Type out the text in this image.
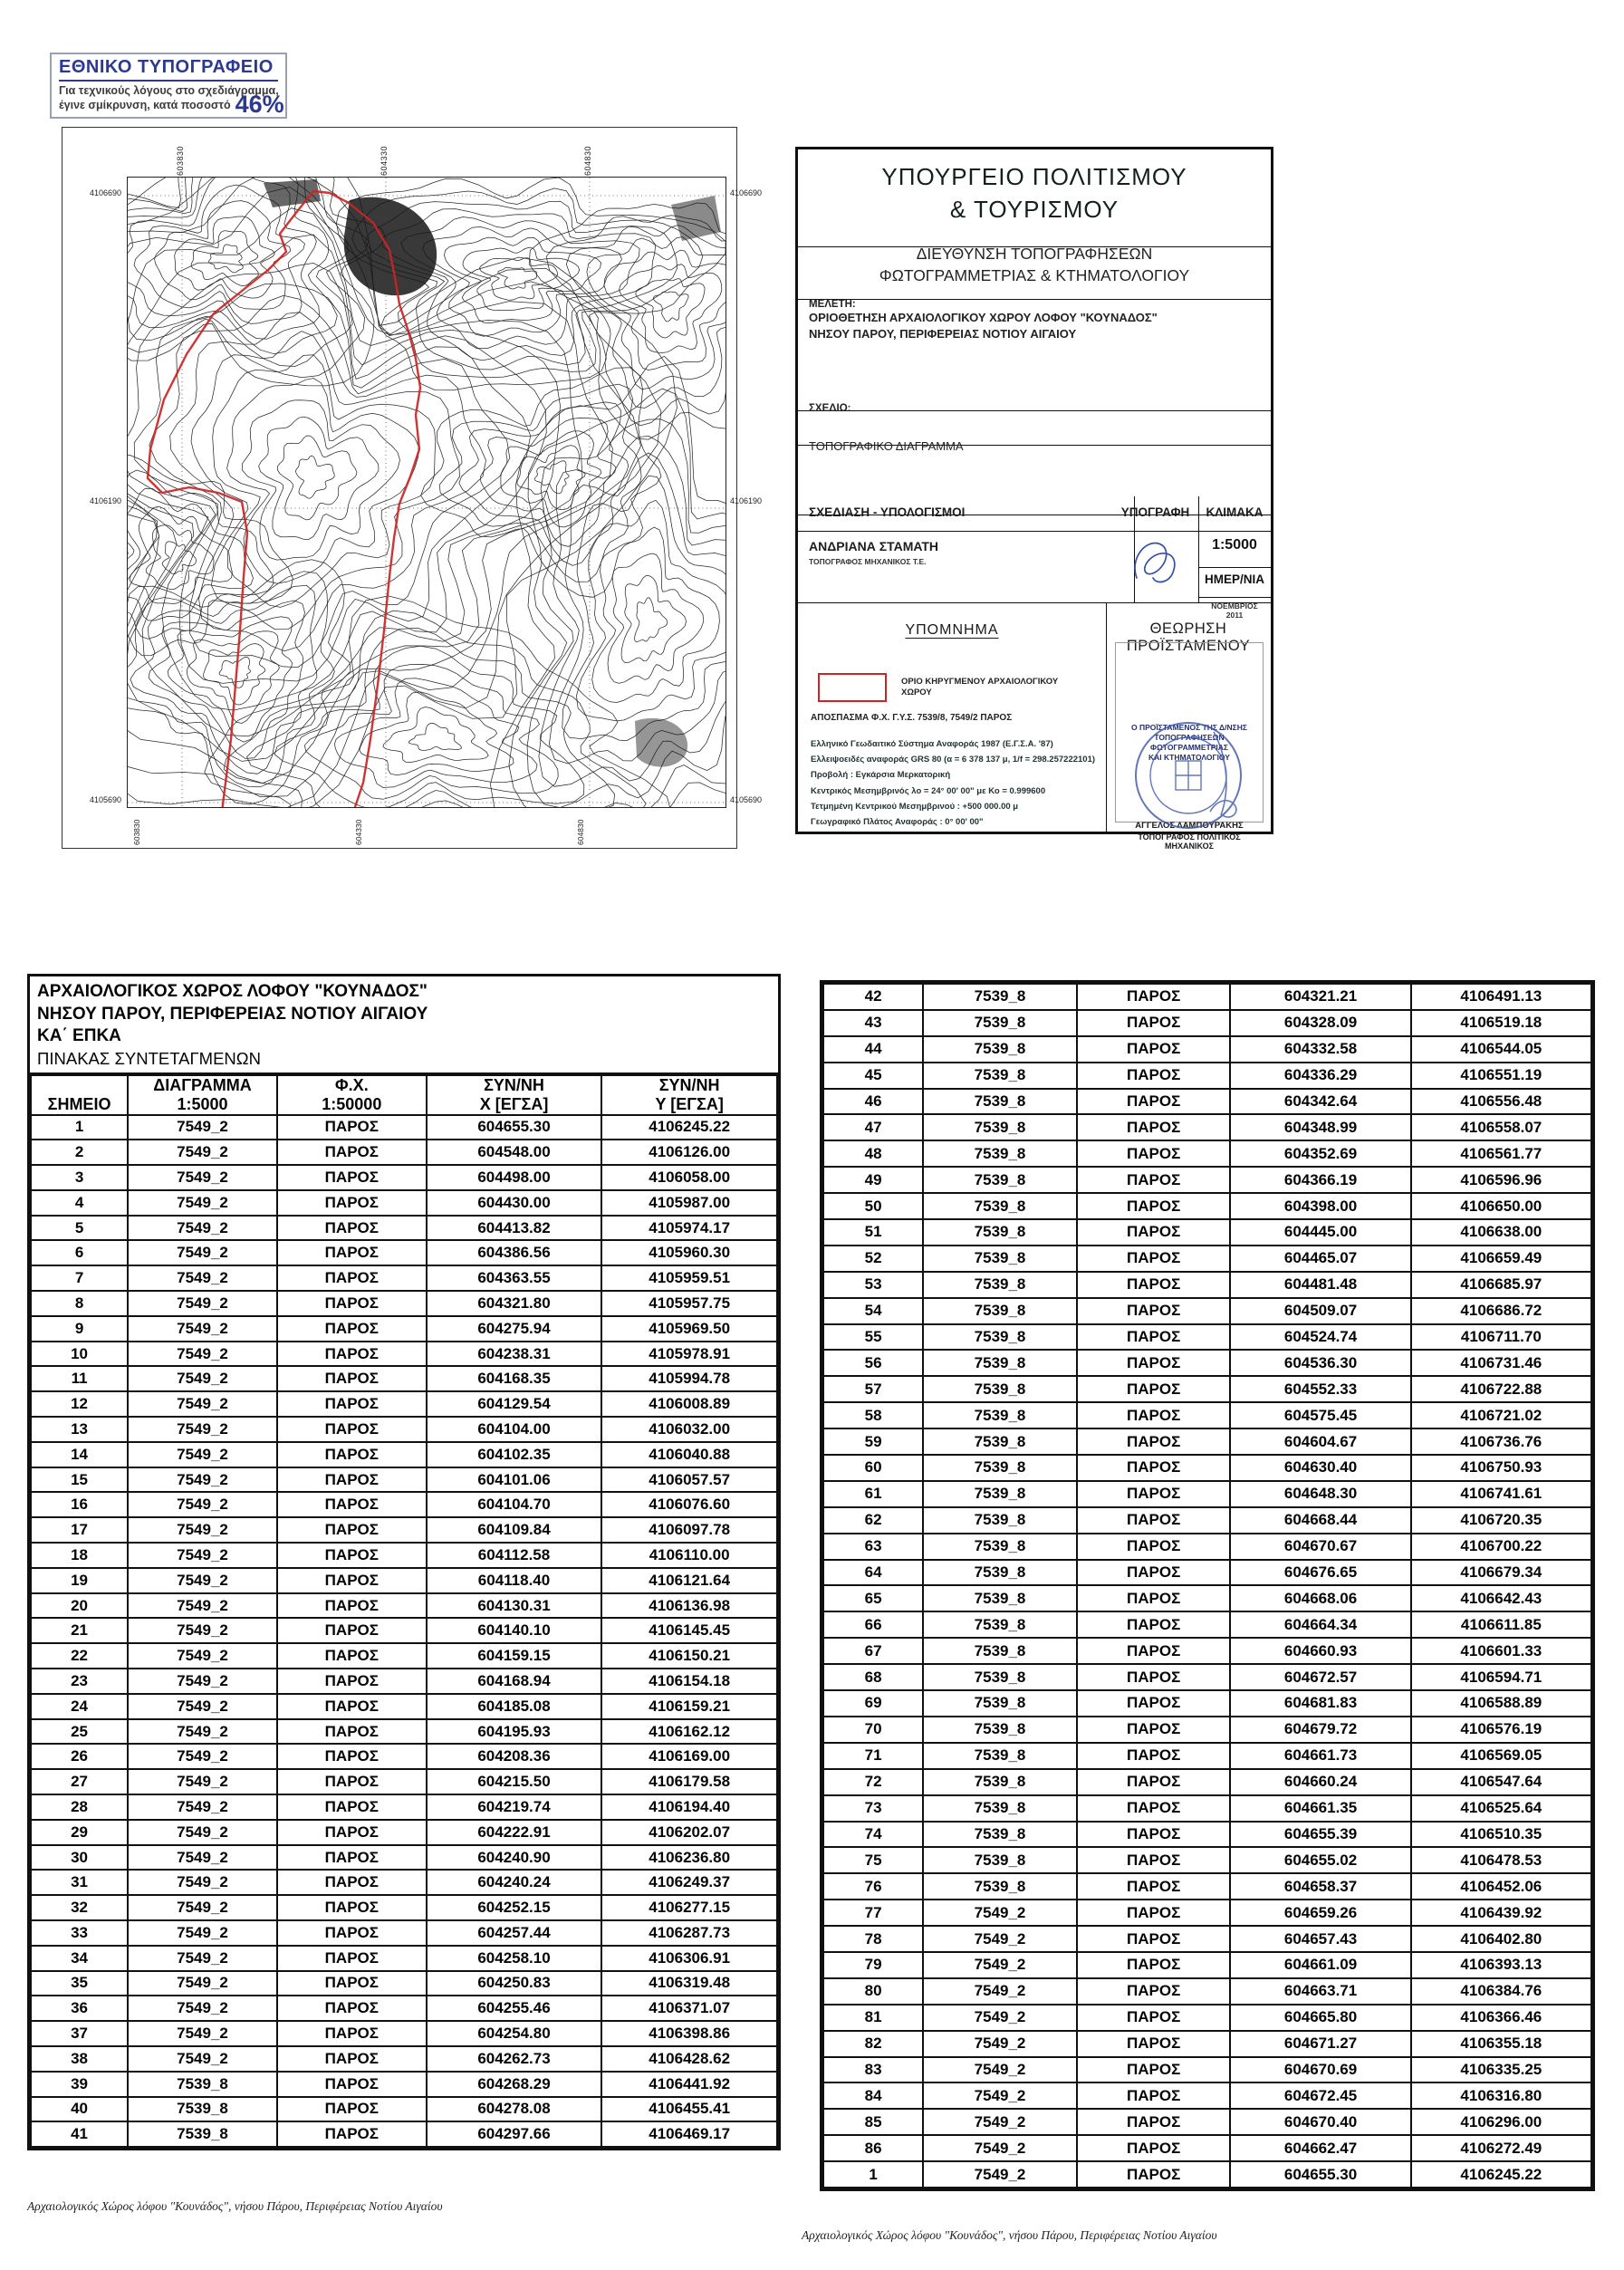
ΕΘΝΙΚΟ ΤΥΠΟΓΡΑΦΕΙΟ
Για τεχνικούς λόγους στο σχεδιάγραμμα,
έγινε σμίκρυνση, κατά ποσοστό 46%
603830	604330	604830
603830	604330	604830
4106690
4106190
4105690
4106690
4106190
4105690
ΥΠΟΥΡΓΕΙΟ ΠΟΛΙΤΙΣΜΟΥ
& ΤΟΥΡΙΣΜΟΥ
ΔΙΕΥΘΥΝΣΗ ΤΟΠΟΓΡΑΦΗΣΕΩΝ
ΦΩΤΟΓΡΑΜΜΕΤΡΙΑΣ & ΚΤΗΜΑΤΟΛΟΓΙΟΥ
ΜΕΛΕΤΗ:
ΟΡΙΟΘΕΤΗΣΗ ΑΡΧΑΙΟΛΟΓΙΚΟΥ ΧΩΡΟΥ ΛΟΦΟΥ "ΚΟΥΝΑΔΟΣ"
ΝΗΣΟΥ ΠΑΡΟΥ, ΠΕΡΙΦΕΡΕΙΑΣ ΝΟΤΙΟΥ ΑΙΓΑΙΟΥ
ΣΧΕΔΙΟ:
ΤΟΠΟΓΡΑΦΙΚΟ ΔΙΑΓΡΑΜΜΑ
ΣΧΕΔΙΑΣΗ - ΥΠΟΛΟΓΙΣΜΟΙ	ΥΠΟΓΡΑΦΗ	ΚΛΙΜΑΚΑ
ΑΝΔΡΙΑΝΑ ΣΤΑΜΑΤΗ
ΤΟΠΟΓΡΑΦΟΣ ΜΗΧΑΝΙΚΟΣ Τ.Ε.
1:5000
ΗΜΕΡ/ΝΙΑ
ΝΟΕΜΒΡΙΟΣ
2011
ΥΠΟΜΝΗΜΑ
ΟΡΙΟ ΚΗΡΥΓΜΕΝΟΥ ΑΡΧΑΙΟΛΟΓΙΚΟΥ ΧΩΡΟΥ
ΑΠΟΣΠΑΣΜΑ Φ.Χ. Γ.Υ.Σ. 7539/8, 7549/2 ΠΑΡΟΣ
Ελληνικό Γεωδαιτικό Σύστημα Αναφοράς 1987 (Ε.Γ.Σ.Α. '87)
Ελλειψοειδές αναφοράς GRS 80 (α = 6 378 137 μ, 1/f = 298.257222101)
Προβολή : Εγκάρσια Μερκατορική
Κεντρικός Μεσημβρινός λο = 24° 00' 00" με Κο = 0.999600
Τετμημένη Κεντρικού Μεσημβρινού : +500 000.00 μ
Γεωγραφικό Πλάτος Αναφοράς : 0° 00' 00"
ΘΕΩΡΗΣΗ ΠΡΟΪΣΤΑΜΕΝΟΥ
Ο ΠΡΟΪΣΤΑΜΕΝΟΣ ΤΗΣ Δ/ΝΣΗΣ
ΤΟΠΟΓΡΑΦΗΣΕΩΝ ΦΩΤΟΓΡΑΜΜΕΤΡΙΑΣ
ΚΑΙ ΚΤΗΜΑΤΟΛΟΓΙΟΥ
ΑΓΓΕΛΟΣ ΛΑΜΠΟΥΡΑΚΗΣ
ΤΟΠΟΓΡΑΦΟΣ ΠΟΛΙΤΙΚΟΣ ΜΗΧΑΝΙΚΟΣ
ΑΡΧΑΙΟΛΟΓΙΚΟΣ ΧΩΡΟΣ ΛΟΦΟΥ "ΚΟΥΝΑΔΟΣ"
ΝΗΣΟΥ ΠΑΡΟΥ, ΠΕΡΙΦΕΡΕΙΑΣ ΝΟΤΙΟΥ ΑΙΓΑΙΟΥ
ΚΑ΄ ΕΠΚΑ
ΠΙΝΑΚΑΣ ΣΥΝΤΕΤΑΓΜΕΝΩΝ
ΣΗΜΕΙΟ

ΔΙΑΓΡΑΜΜΑ
1:5000

Φ.Χ.
1:50000

ΣΥΝ/ΝΗ
X [ΕΓΣΑ]

ΣΥΝ/ΝΗ
Y [ΕΓΣΑ]

1	7549_2	ΠΑΡΟΣ	604655.30	4106245.22
2	7549_2	ΠΑΡΟΣ	604548.00	4106126.00
3	7549_2	ΠΑΡΟΣ	604498.00	4106058.00
4	7549_2	ΠΑΡΟΣ	604430.00	4105987.00
5	7549_2	ΠΑΡΟΣ	604413.82	4105974.17
6	7549_2	ΠΑΡΟΣ	604386.56	4105960.30
7	7549_2	ΠΑΡΟΣ	604363.55	4105959.51
8	7549_2	ΠΑΡΟΣ	604321.80	4105957.75
9	7549_2	ΠΑΡΟΣ	604275.94	4105969.50
10	7549_2	ΠΑΡΟΣ	604238.31	4105978.91
11	7549_2	ΠΑΡΟΣ	604168.35	4105994.78
12	7549_2	ΠΑΡΟΣ	604129.54	4106008.89
13	7549_2	ΠΑΡΟΣ	604104.00	4106032.00
14	7549_2	ΠΑΡΟΣ	604102.35	4106040.88
15	7549_2	ΠΑΡΟΣ	604101.06	4106057.57
16	7549_2	ΠΑΡΟΣ	604104.70	4106076.60
17	7549_2	ΠΑΡΟΣ	604109.84	4106097.78
18	7549_2	ΠΑΡΟΣ	604112.58	4106110.00
19	7549_2	ΠΑΡΟΣ	604118.40	4106121.64
20	7549_2	ΠΑΡΟΣ	604130.31	4106136.98
21	7549_2	ΠΑΡΟΣ	604140.10	4106145.45
22	7549_2	ΠΑΡΟΣ	604159.15	4106150.21
23	7549_2	ΠΑΡΟΣ	604168.94	4106154.18
24	7549_2	ΠΑΡΟΣ	604185.08	4106159.21
25	7549_2	ΠΑΡΟΣ	604195.93	4106162.12
26	7549_2	ΠΑΡΟΣ	604208.36	4106169.00
27	7549_2	ΠΑΡΟΣ	604215.50	4106179.58
28	7549_2	ΠΑΡΟΣ	604219.74	4106194.40
29	7549_2	ΠΑΡΟΣ	604222.91	4106202.07
30	7549_2	ΠΑΡΟΣ	604240.90	4106236.80
31	7549_2	ΠΑΡΟΣ	604240.24	4106249.37
32	7549_2	ΠΑΡΟΣ	604252.15	4106277.15
33	7549_2	ΠΑΡΟΣ	604257.44	4106287.73
34	7549_2	ΠΑΡΟΣ	604258.10	4106306.91
35	7549_2	ΠΑΡΟΣ	604250.83	4106319.48
36	7549_2	ΠΑΡΟΣ	604255.46	4106371.07
37	7549_2	ΠΑΡΟΣ	604254.80	4106398.86
38	7549_2	ΠΑΡΟΣ	604262.73	4106428.62
39	7539_8	ΠΑΡΟΣ	604268.29	4106441.92
40	7539_8	ΠΑΡΟΣ	604278.08	4106455.41
41	7539_8	ΠΑΡΟΣ	604297.66	4106469.17
42	7539_8	ΠΑΡΟΣ	604321.21	4106491.13
43	7539_8	ΠΑΡΟΣ	604328.09	4106519.18
44	7539_8	ΠΑΡΟΣ	604332.58	4106544.05
45	7539_8	ΠΑΡΟΣ	604336.29	4106551.19
46	7539_8	ΠΑΡΟΣ	604342.64	4106556.48
47	7539_8	ΠΑΡΟΣ	604348.99	4106558.07
48	7539_8	ΠΑΡΟΣ	604352.69	4106561.77
49	7539_8	ΠΑΡΟΣ	604366.19	4106596.96
50	7539_8	ΠΑΡΟΣ	604398.00	4106650.00
51	7539_8	ΠΑΡΟΣ	604445.00	4106638.00
52	7539_8	ΠΑΡΟΣ	604465.07	4106659.49
53	7539_8	ΠΑΡΟΣ	604481.48	4106685.97
54	7539_8	ΠΑΡΟΣ	604509.07	4106686.72
55	7539_8	ΠΑΡΟΣ	604524.74	4106711.70
56	7539_8	ΠΑΡΟΣ	604536.30	4106731.46
57	7539_8	ΠΑΡΟΣ	604552.33	4106722.88
58	7539_8	ΠΑΡΟΣ	604575.45	4106721.02
59	7539_8	ΠΑΡΟΣ	604604.67	4106736.76
60	7539_8	ΠΑΡΟΣ	604630.40	4106750.93
61	7539_8	ΠΑΡΟΣ	604648.30	4106741.61
62	7539_8	ΠΑΡΟΣ	604668.44	4106720.35
63	7539_8	ΠΑΡΟΣ	604670.67	4106700.22
64	7539_8	ΠΑΡΟΣ	604676.65	4106679.34
65	7539_8	ΠΑΡΟΣ	604668.06	4106642.43
66	7539_8	ΠΑΡΟΣ	604664.34	4106611.85
67	7539_8	ΠΑΡΟΣ	604660.93	4106601.33
68	7539_8	ΠΑΡΟΣ	604672.57	4106594.71
69	7539_8	ΠΑΡΟΣ	604681.83	4106588.89
70	7539_8	ΠΑΡΟΣ	604679.72	4106576.19
71	7539_8	ΠΑΡΟΣ	604661.73	4106569.05
72	7539_8	ΠΑΡΟΣ	604660.24	4106547.64
73	7539_8	ΠΑΡΟΣ	604661.35	4106525.64
74	7539_8	ΠΑΡΟΣ	604655.39	4106510.35
75	7539_8	ΠΑΡΟΣ	604655.02	4106478.53
76	7539_8	ΠΑΡΟΣ	604658.37	4106452.06
77	7549_2	ΠΑΡΟΣ	604659.26	4106439.92
78	7549_2	ΠΑΡΟΣ	604657.43	4106402.80
79	7549_2	ΠΑΡΟΣ	604661.09	4106393.13
80	7549_2	ΠΑΡΟΣ	604663.71	4106384.76
81	7549_2	ΠΑΡΟΣ	604665.80	4106366.46
82	7549_2	ΠΑΡΟΣ	604671.27	4106355.18
83	7549_2	ΠΑΡΟΣ	604670.69	4106335.25
84	7549_2	ΠΑΡΟΣ	604672.45	4106316.80
85	7549_2	ΠΑΡΟΣ	604670.40	4106296.00
86	7549_2	ΠΑΡΟΣ	604662.47	4106272.49
1	7549_2	ΠΑΡΟΣ	604655.30	4106245.22
Αρχαιολογικός Χώρος λόφου "Κουνάδος", νήσου Πάρου, Περιφέρειας Νοτίου Αιγαίου
Αρχαιολογικός Χώρος λόφου "Κουνάδος", νήσου Πάρου, Περιφέρειας Νοτίου Αιγαίου
